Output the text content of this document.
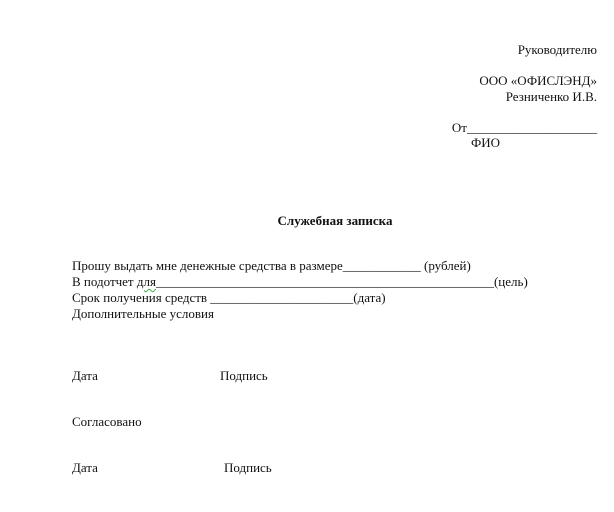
Руководителю
ООО «ОФИСЛЭНД»
Резниченко И.В.
От____________________
ФИО
Служебная записка
Прошу выдать мне денежные средства в размере____________ (рублей)
В подотчет для____________________________________________________(цель)
Срок получения средств ______________________(дата)
Дополнительные условия
Дата	Подпись
Согласовано
Дата	Подпись
